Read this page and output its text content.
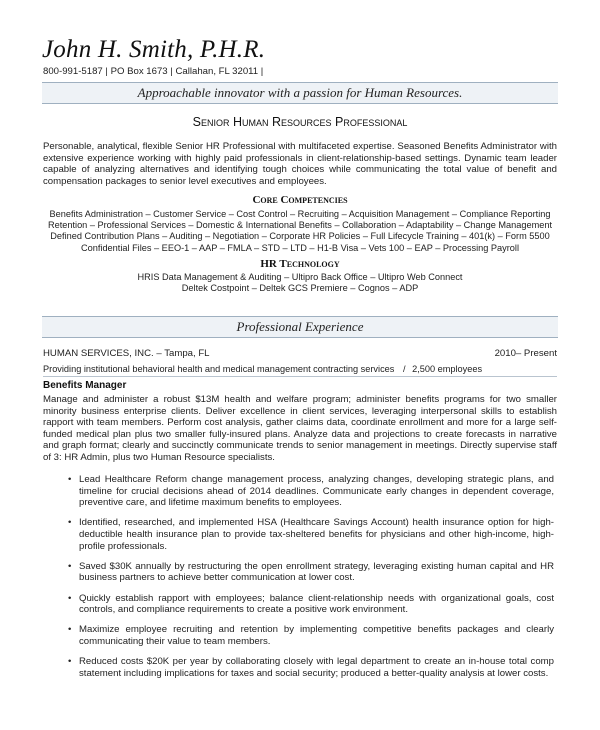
John H. Smith, P.H.R.
800-991-5187 | PO Box 1673 | Callahan, FL 32011 |
Approachable innovator with a passion for Human Resources.
Senior Human Resources Professional
Personable, analytical, flexible Senior HR Professional with multifaceted expertise. Seasoned Benefits Administrator with extensive experience working with highly paid professionals in client-relationship-based settings. Dynamic team leader capable of analyzing alternatives and identifying tough choices while communicating the total value of benefit and compensation packages to senior level executives and employees.
Core Competencies
Benefits Administration – Customer Service – Cost Control – Recruiting – Acquisition Management – Compliance Reporting
Retention – Professional Services – Domestic & International Benefits – Collaboration – Adaptability – Change Management
Defined Contribution Plans – Auditing – Negotiation – Corporate HR Policies – Full Lifecycle Training – 401(k) – Form 5500
Confidential Files – EEO-1 – AAP – FMLA – STD – LTD – H1-B Visa – Vets 100 – EAP – Processing Payroll
HR Technology
HRIS Data Management & Auditing – Ultipro Back Office – Ultipro Web Connect
Deltek Costpoint – Deltek GCS Premiere – Cognos – ADP
Professional Experience
HUMAN SERVICES, INC. – Tampa, FL	2010– Present
Providing institutional behavioral health and medical management contracting services / 2,500 employees
Benefits Manager
Manage and administer a robust $13M health and welfare program; administer benefits programs for two smaller minority business enterprise clients. Deliver excellence in client services, leveraging interpersonal skills to establish rapport with team members. Perform cost analysis, gather claims data, coordinate enrollment and more for a large self-funded medical plan plus two smaller fully-insured plans. Analyze data and projections to create forecasts in narrative and graph format; clearly and succinctly communicate trends to senior management in meetings. Directly supervise staff of 3: HR Admin, plus two Human Resource specialists.
• Lead Healthcare Reform change management process, analyzing changes, developing strategic plans, and timeline for crucial decisions ahead of 2014 deadlines. Communicate early changes in dependent coverage, preventive care, and lifetime maximum benefits to employees.
• Identified, researched, and implemented HSA (Healthcare Savings Account) health insurance option for high-deductible health insurance plan to provide tax-sheltered benefits for physicians and other high-income, high-profile professionals.
• Saved $30K annually by restructuring the open enrollment strategy, leveraging existing human capital and HR business partners to achieve better communication at lower cost.
• Quickly establish rapport with employees; balance client-relationship needs with organizational goals, cost controls, and compliance requirements to create a positive work environment.
• Maximize employee recruiting and retention by implementing competitive benefits packages and clearly communicating their value to team members.
• Reduced costs $20K per year by collaborating closely with legal department to create an in-house total comp statement including implications for taxes and social security; produced a better-quality analysis at lower costs.
